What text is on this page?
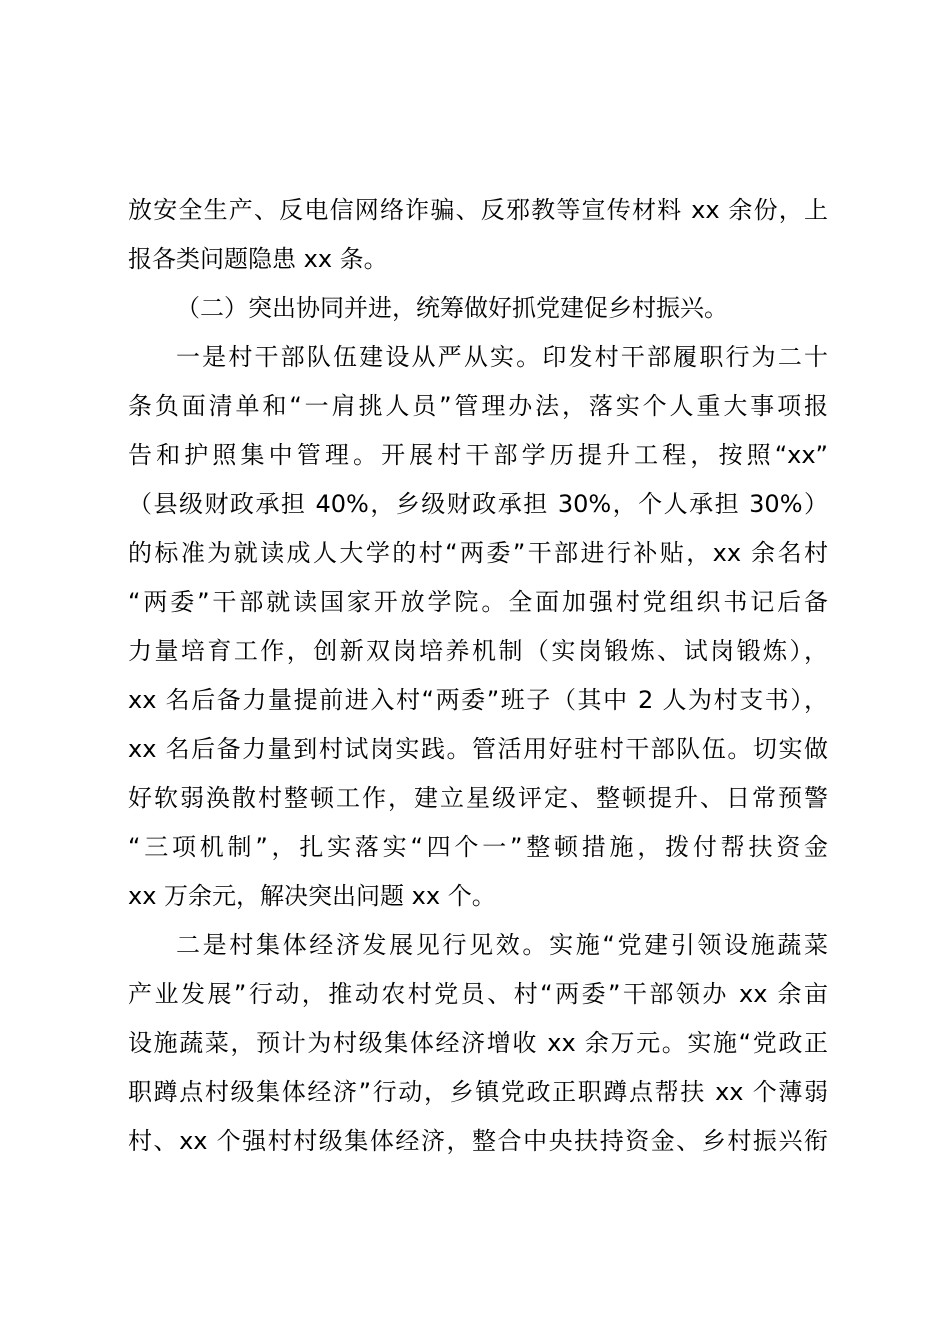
放安全生产、反电信网络诈骗、反邪教等宣传材料 xx 余份，上
报各类问题隐患 xx 条。
（二）突出协同并进，统筹做好抓党建促乡村振兴。
一是村干部队伍建设从严从实。印发村干部履职行为二十
条负面清单和“一肩挑人员”管理办法，落实个人重大事项报
告和护照集中管理。开展村干部学历提升工程，按照“xx”
（县级财政承担 40%，乡级财政承担 30%，个人承担 30%）
的标准为就读成人大学的村“两委”干部进行补贴，xx 余名村
“两委”干部就读国家开放学院。全面加强村党组织书记后备
力量培育工作，创新双岗培养机制（实岗锻炼、试岗锻炼），
xx 名后备力量提前进入村“两委”班子（其中 2 人为村支书），
xx 名后备力量到村试岗实践。管活用好驻村干部队伍。切实做
好软弱涣散村整顿工作，建立星级评定、整顿提升、日常预警
“三项机制”，扎实落实“四个一”整顿措施，拨付帮扶资金
xx 万余元，解决突出问题 xx 个。
二是村集体经济发展见行见效。实施“党建引领设施蔬菜
产业发展”行动，推动农村党员、村“两委”干部领办 xx 余亩
设施蔬菜，预计为村级集体经济增收 xx 余万元。实施“党政正
职蹲点村级集体经济”行动，乡镇党政正职蹲点帮扶 xx 个薄弱
村、xx 个强村村级集体经济，整合中央扶持资金、乡村振兴衔
